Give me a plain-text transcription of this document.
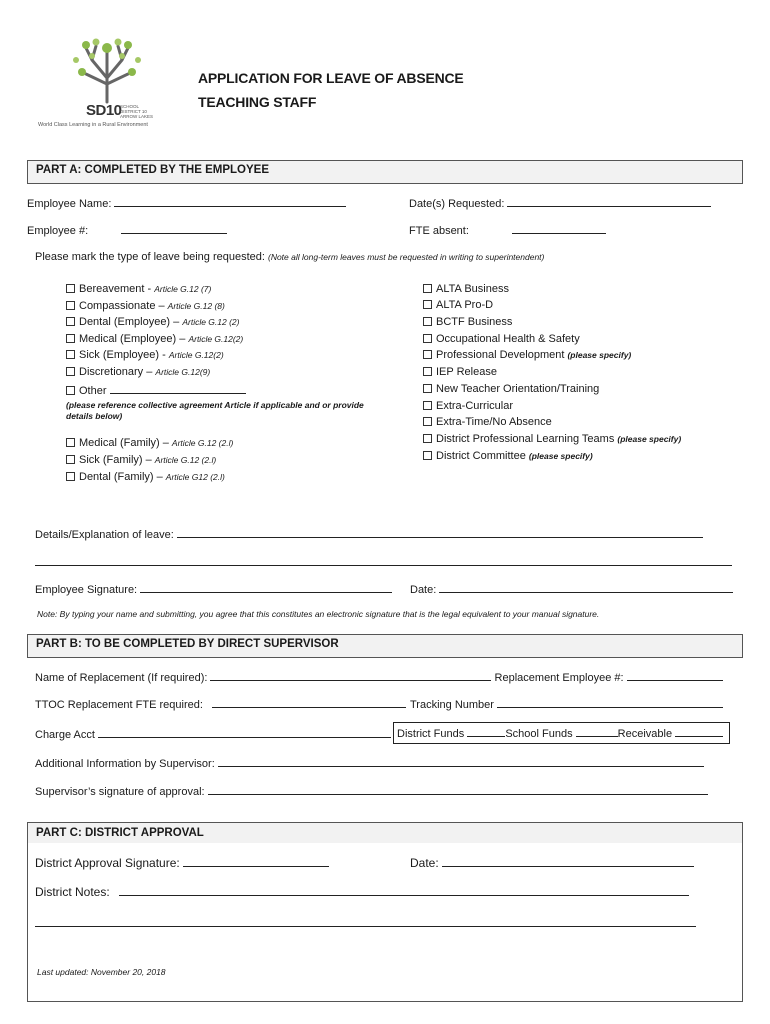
SD10
SCHOOL
DISTRICT 10
ARROW LAKES
World Class Learning in a Rural Environment
APPLICATION FOR LEAVE OF ABSENCE
TEACHING STAFF
PART A: COMPLETED BY THE EMPLOYEE
Employee Name:	Date(s) Requested:
Employee #:	FTE absent:
Please mark the type of leave being requested: (Note all long-term leaves must be requested in writing to superintendent)
Bereavement - Article G.12 (7)
Compassionate – Article G.12 (8)
Dental (Employee) – Article G.12 (2)
Medical (Employee) – Article G.12(2)
Sick (Employee) - Article G.12(2)
Discretionary – Article G.12(9)
Other
(please reference collective agreement Article if applicable and or provide
details below)
Medical (Family) – Article G.12 (2.l)
Sick (Family) – Article G.12 (2.l)
Dental (Family) – Article G12 (2.l)
ALTA Business
ALTA Pro-D
BCTF Business
Occupational Health & Safety
Professional Development (please specify)
IEP Release
New Teacher Orientation/Training
Extra-Curricular
Extra-Time/No Absence
District Professional Learning Teams (please specify)
District Committee (please specify)
Details/Explanation of leave:
Employee Signature:	Date:
Note: By typing your name and submitting, you agree that this constitutes an electronic signature that is the legal equivalent to your manual signature.
PART B: TO BE COMPLETED BY DIRECT SUPERVISOR
Name of Replacement (If required):	Replacement Employee #:
TTOC Replacement FTE required:	Tracking Number
Charge Acct	District Funds	School Funds	Receivable
Additional Information by Supervisor:
Supervisor’s signature of approval:
PART C: DISTRICT APPROVAL
District Approval Signature:	Date:
District Notes:
Last updated: November 20, 2018
